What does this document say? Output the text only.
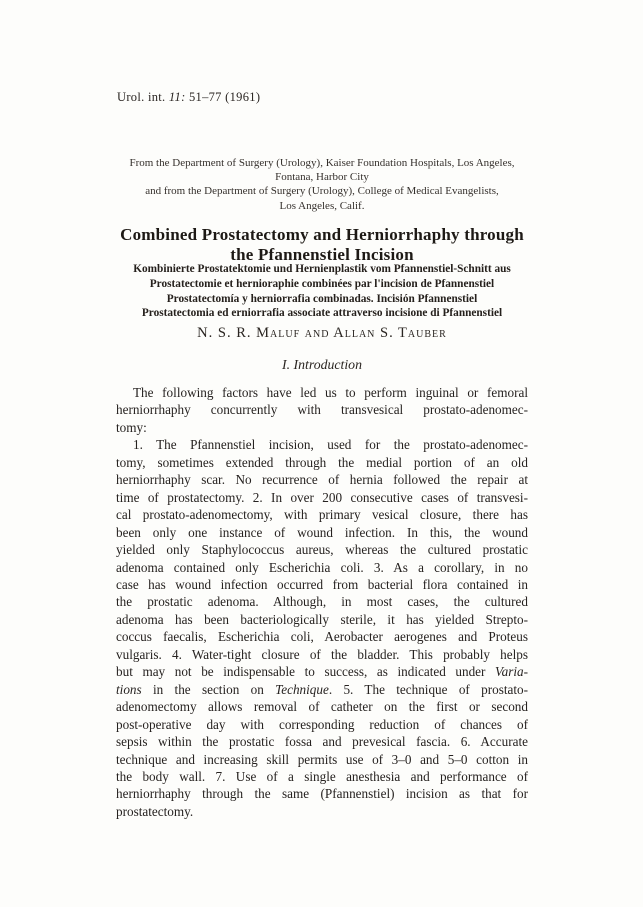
Urol. int. 11: 51–77 (1961)
From the Department of Surgery (Urology), Kaiser Foundation Hospitals, Los Angeles,
Fontana, Harbor City
and from the Department of Surgery (Urology), College of Medical Evangelists,
Los Angeles, Calif.
Combined Prostatectomy and Herniorrhaphy through
the Pfannenstiel Incision
Kombinierte Prostatektomie und Hernienplastik vom Pfannenstiel-Schnitt aus
Prostatectomie et hernioraphie combinées par l'incision de Pfannenstiel
Prostatectomía y herniorrafia combinadas. Incisión Pfannenstiel
Prostatectomia ed erniorrafia associate attraverso incisione di Pfannenstiel
N. S. R. Maluf and Allan S. Tauber
I. Introduction
The following factors have led us to perform inguinal or femoral
herniorrhaphy concurrently with transvesical prostato-adenomec-
tomy:
1. The Pfannenstiel incision, used for the prostato-adenomec-
tomy, sometimes extended through the medial portion of an old
herniorrhaphy scar. No recurrence of hernia followed the repair at
time of prostatectomy. 2. In over 200 consecutive cases of transvesi-
cal prostato-adenomectomy, with primary vesical closure, there has
been only one instance of wound infection. In this, the wound
yielded only Staphylococcus aureus, whereas the cultured prostatic
adenoma contained only Escherichia coli. 3. As a corollary, in no
case has wound infection occurred from bacterial flora contained in
the prostatic adenoma. Although, in most cases, the cultured
adenoma has been bacteriologically sterile, it has yielded Strepto-
coccus faecalis, Escherichia coli, Aerobacter aerogenes and Proteus
vulgaris. 4. Water-tight closure of the bladder. This probably helps
but may not be indispensable to success, as indicated under Varia-
tions in the section on Technique. 5. The technique of prostato-
adenomectomy allows removal of catheter on the first or second
post-operative day with corresponding reduction of chances of
sepsis within the prostatic fossa and prevesical fascia. 6. Accurate
technique and increasing skill permits use of 3–0 and 5–0 cotton in
the body wall. 7. Use of a single anesthesia and performance of
herniorrhaphy through the same (Pfannenstiel) incision as that for
prostatectomy.
